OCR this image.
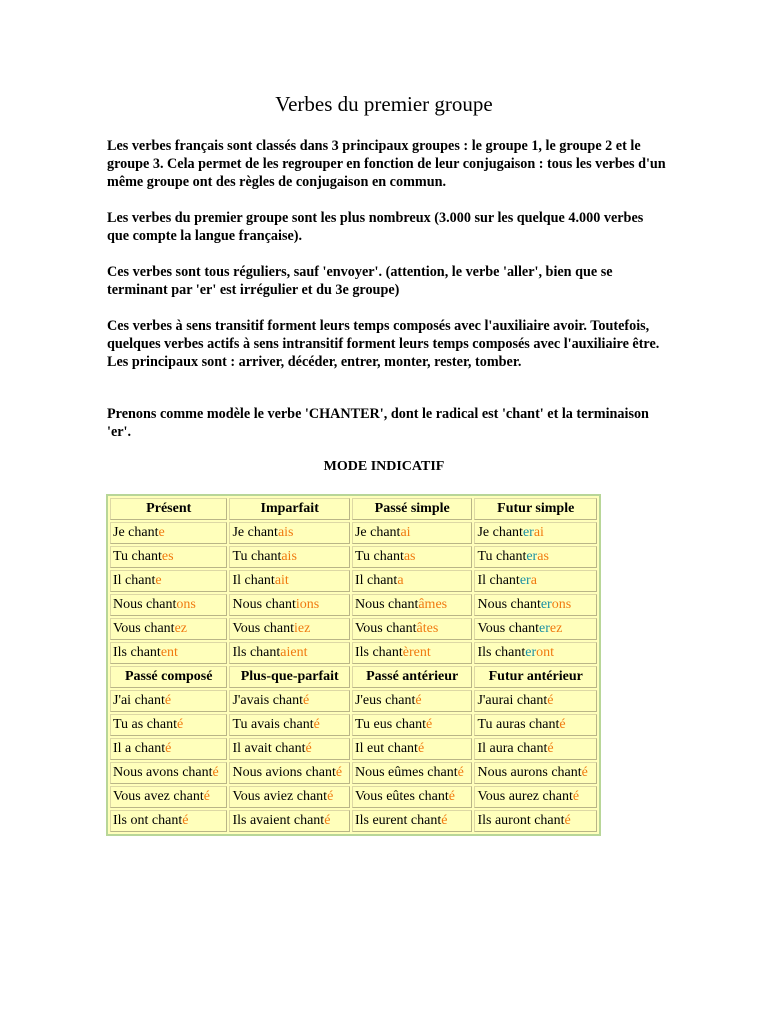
Verbes du premier groupe

Les verbes français sont classés dans 3 principaux groupes : le groupe 1, le groupe 2 et le groupe 3. Cela permet de les regrouper en fonction de leur conjugaison : tous les verbes d'un même groupe ont des règles de conjugaison en commun.

Les verbes du premier groupe sont les plus nombreux (3.000 sur les quelque 4.000 verbes que compte la langue française).

Ces verbes sont tous réguliers, sauf 'envoyer'. (attention, le verbe 'aller', bien que se terminant par 'er' est irrégulier et du 3e groupe)

Ces verbes à sens transitif forment leurs temps composés avec l'auxiliaire avoir. Toutefois, quelques verbes actifs à sens intransitif forment leurs temps composés avec l'auxiliaire être. Les principaux sont : arriver, décéder, entrer, monter, rester, tomber.

Prenons comme modèle le verbe 'CHANTER', dont le radical est 'chant' et la terminaison 'er'.

MODE INDICATIF
Présent	Imparfait	Passé simple	Futur simple
Je chante	Je chantais	Je chantai	Je chanterai
Tu chantes	Tu chantais	Tu chantas	Tu chanteras
Il chante	Il chantait	Il chanta	Il chantera
Nous chantons	Nous chantions	Nous chantâmes	Nous chanterons
Vous chantez	Vous chantiez	Vous chantâtes	Vous chanterez
Ils chantent	Ils chantaient	Ils chantèrent	Ils chanteront
Passé composé	Plus-que-parfait	Passé antérieur	Futur antérieur
J'ai chanté	J'avais chanté	J'eus chanté	J'aurai chanté
Tu as chanté	Tu avais chanté	Tu eus chanté	Tu auras chanté
Il a chanté	Il avait chanté	Il eut chanté	Il aura chanté
Nous avons chanté	Nous avions chanté	Nous eûmes chanté	Nous aurons chanté
Vous avez chanté	Vous aviez chanté	Vous eûtes chanté	Vous aurez chanté
Ils ont chanté	Ils avaient chanté	Ils eurent chanté	Ils auront chanté
